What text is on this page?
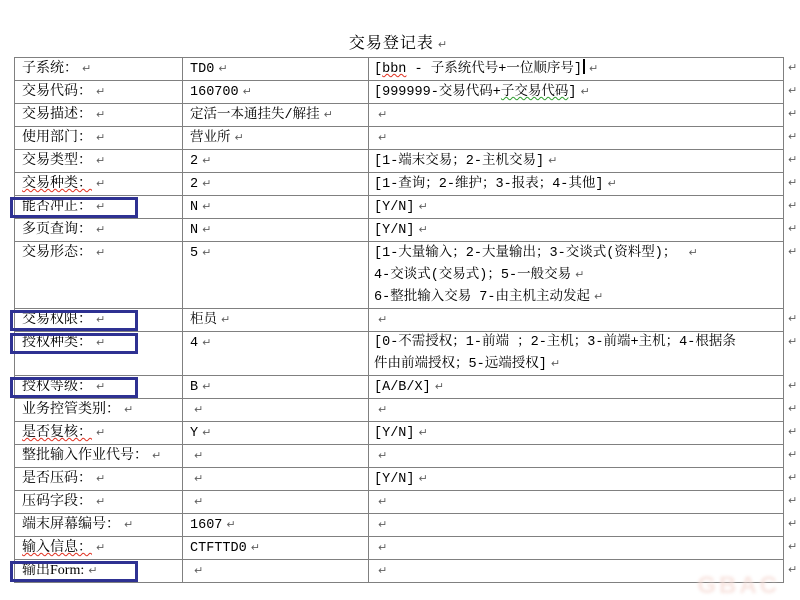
交易登记表 ↵
子系统： ↵	TD0 ↵	[bbn - 子系统代号+一位顺序号] ↵

交易代码： ↵	160700 ↵	[999999-交易代码+子交易代码] ↵

交易描述： ↵	定活一本通挂失/解挂 ↵	↵

使用部门： ↵	营业所 ↵	↵

交易类型： ↵	2 ↵	[1-端末交易；2-主机交易] ↵

交易种类： ↵	2 ↵	[1-查询；2-维护；3-报表；4-其他] ↵

能否冲正： ↵	N ↵	[Y/N] ↵

多页查询： ↵	N ↵	[Y/N] ↵

交易形态： ↵	5 ↵	[1-大量输入；2-大量输出；3-交谈式(资料型)； ↵
4-交谈式(交易式)；5-一般交易 ↵
6-整批输入交易 7-由主机主动发起 ↵

交易权限： ↵	柜员 ↵	↵

授权种类： ↵	4 ↵	[0-不需授权；1-前端 ；2-主机；3-前端+主机；4-根据条
件由前端授权；5-远端授权] ↵

授权等级： ↵	B ↵	[A/B/X] ↵

业务控管类别： ↵	↵	↵

是否复核： ↵	Y ↵	[Y/N] ↵

整批输入作业代号： ↵	↵	↵

是否压码： ↵	↵	[Y/N] ↵

压码字段： ↵	↵	↵

端末屏幕编号： ↵	1607 ↵	↵

输入信息： ↵	CTFTTD0 ↵	↵

输出Form: ↵	↵	↵
↵
↵
↵
↵
↵
↵
↵
↵
↵
↵
↵
↵
↵
↵
↵
↵
↵
↵
↵
↵
GBAC
